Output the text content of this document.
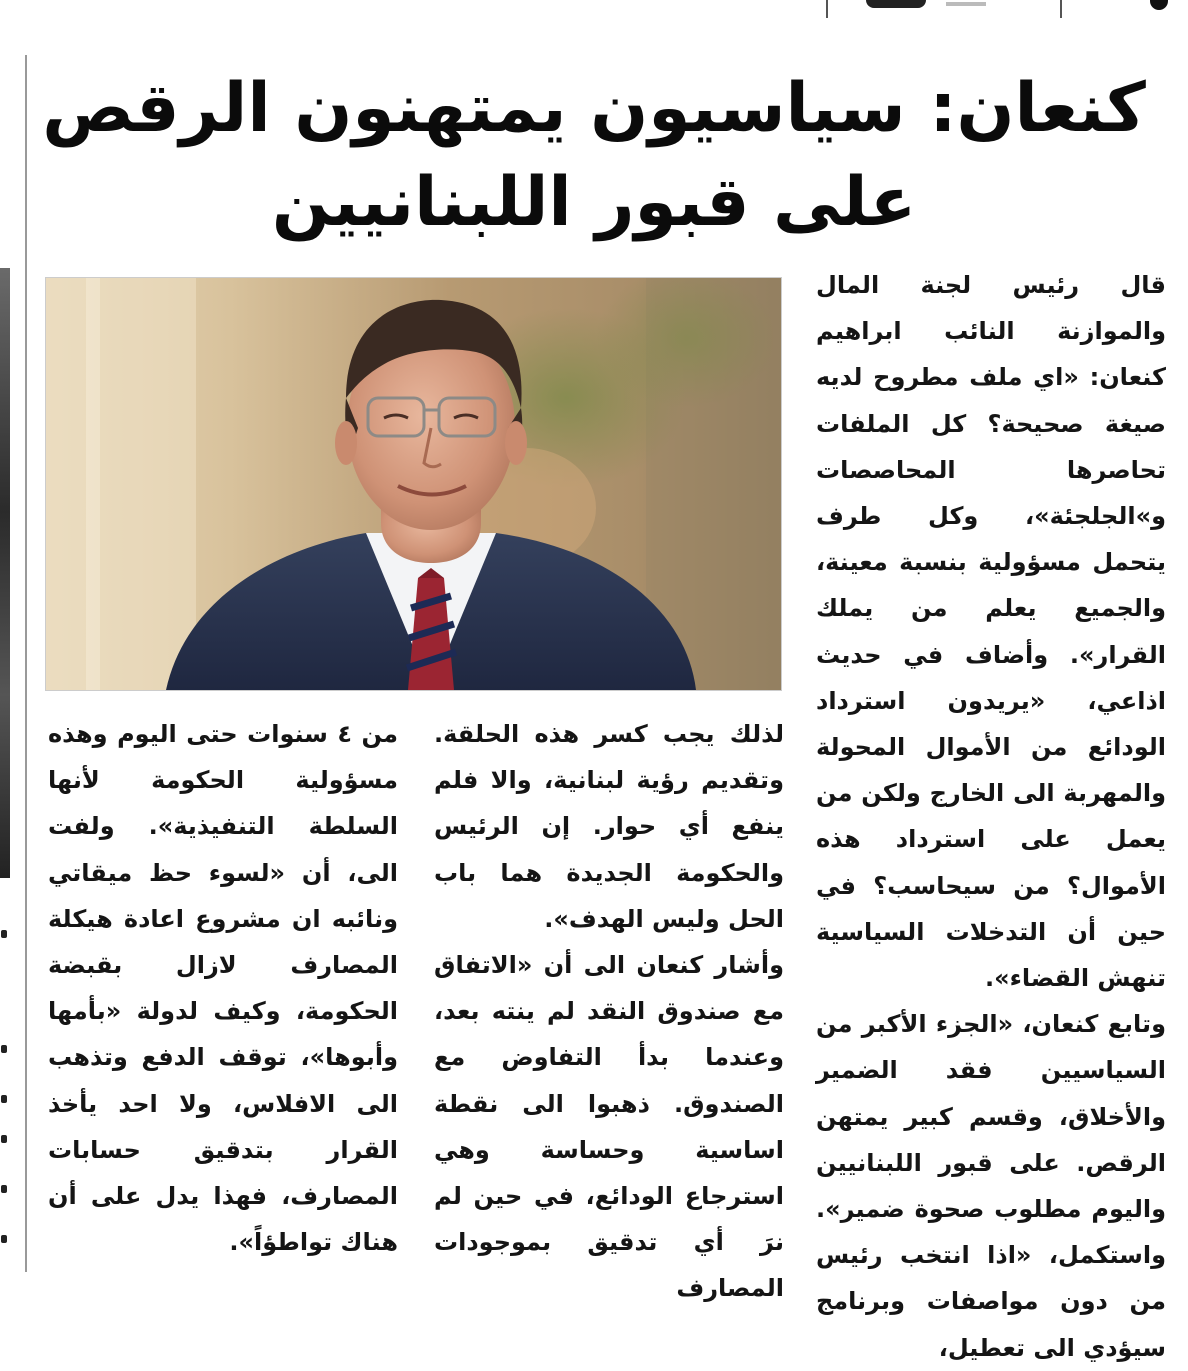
كنعان: سياسيون يمتهنون الرقص
على قبور اللبنانيين

قال رئيس لجنة المال والموازنة النائب ابراهيم كنعان: «اي ملف مطروح لديه صيغة صحيحة؟ كل الملفات تحاصرها المحاصصات و»الجلجئة»، وكل طرف يتحمل مسؤولية بنسبة معينة، والجميع يعلم من يملك القرار». وأضاف في حديث اذاعي، «يريدون استرداد الودائع من الأموال المحولة والمهربة الى الخارج ولكن من يعمل على استرداد هذه الأموال؟ من سيحاسب؟ في حين أن التدخلات السياسية تنهش القضاء».

وتابع كنعان، «الجزء الأكبر من السياسيين فقد الضمير والأخلاق، وقسم كبير يمتهن الرقص. على قبور اللبنانيين واليوم مطلوب صحوة ضمير». واستكمل، «اذا انتخب رئيس من دون مواصفات وبرنامج سيؤدي الى تعطيل،

لذلك يجب كسر هذه الحلقة. وتقديم رؤية لبنانية، والا فلم ينفع أي حوار. إن الرئيس والحكومة الجديدة هما باب الحل وليس الهدف».

وأشار كنعان الى أن «الاتفاق مع صندوق النقد لم ينته بعد، وعندما بدأ التفاوض مع الصندوق. ذهبوا الى نقطة اساسية وحساسة وهي استرجاع الودائع، في حين لم نرَ أي تدقيق بموجودات المصارف

من ٤ سنوات حتى اليوم وهذه مسؤولية الحكومة لأنها السلطة التنفيذية». ولفت الى، أن «لسوء حظ ميقاتي ونائبه ان مشروع اعادة هيكلة المصارف لازال بقبضة الحكومة، وكيف لدولة «بأمها وأبوها»، توقف الدفع وتذهب الى الافلاس، ولا احد يأخذ القرار بتدقيق حسابات المصارف، فهذا يدل على أن هناك تواطؤاً».
